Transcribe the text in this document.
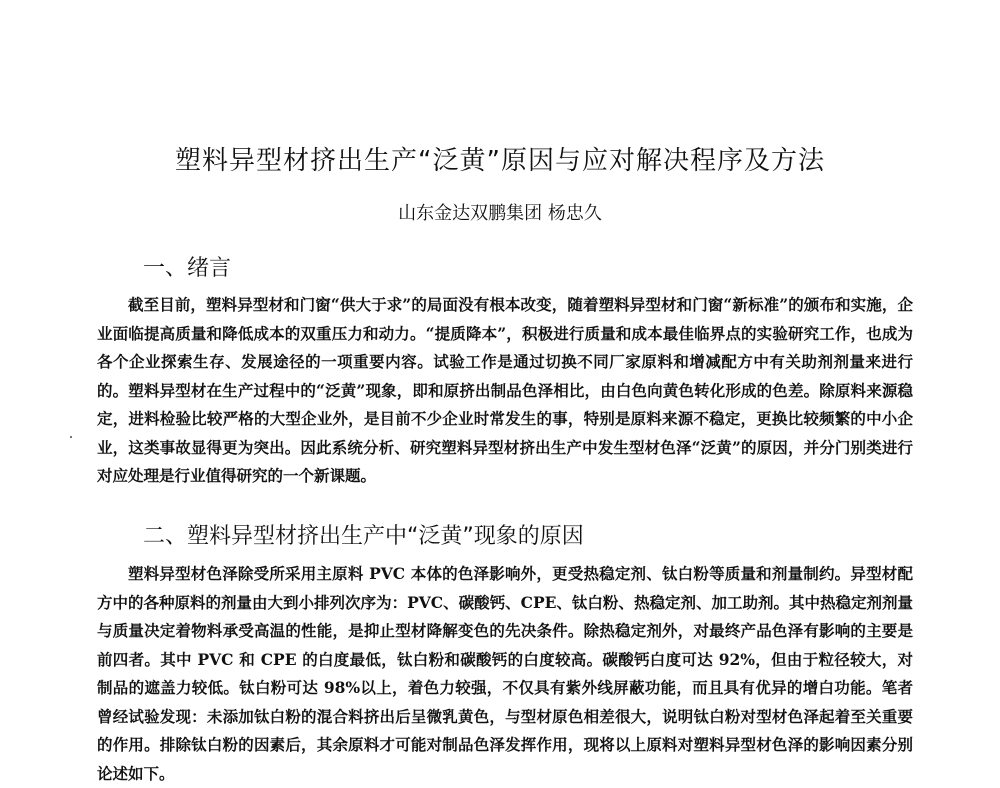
塑料异型材挤出生产“泛黄”原因与应对解决程序及方法
山东金达双鹏集团 杨忠久
一、绪言

截至目前，塑料异型材和门窗“供大于求”的局面没有根本改变，随着塑料异型材和门窗“新标准”的颁布和实施，企业面临提高质量和降低成本的双重压力和动力。“提质降本”，积极进行质量和成本最佳临界点的实验研究工作，也成为各个企业探索生存、发展途径的一项重要内容。试验工作是通过切换不同厂家原料和增减配方中有关助剂剂量来进行的。塑料异型材在生产过程中的“泛黄”现象，即和原挤出制品色泽相比，由白色向黄色转化形成的色差。除原料来源稳定，进料检验比较严格的大型企业外，是目前不少企业时常发生的事，特别是原料来源不稳定，更换比较频繁的中小企业，这类事故显得更为突出。因此系统分析、研究塑料异型材挤出生产中发生型材色泽“泛黄”的原因，并分门别类进行对应处理是行业值得研究的一个新课题。

二、塑料异型材挤出生产中“泛黄”现象的原因

塑料异型材色泽除受所采用主原料 PVC 本体的色泽影响外，更受热稳定剂、钛白粉等质量和剂量制约。异型材配方中的各种原料的剂量由大到小排列次序为：PVC、碳酸钙、CPE、钛白粉、热稳定剂、加工助剂。其中热稳定剂剂量与质量决定着物料承受高温的性能，是抑止型材降解变色的先决条件。除热稳定剂外，对最终产品色泽有影响的主要是前四者。其中 PVC 和 CPE 的白度最低，钛白粉和碳酸钙的白度较高。碳酸钙白度可达 92%，但由于粒径较大，对制品的遮盖力较低。钛白粉可达 98%以上，着色力较强，不仅具有紫外线屏蔽功能，而且具有优异的增白功能。笔者曾经试验发现：未添加钛白粉的混合料挤出后呈微乳黄色，与型材原色相差很大，说明钛白粉对型材色泽起着至关重要的作用。排除钛白粉的因素后，其余原料才可能对制品色泽发挥作用，现将以上原料对塑料异型材色泽的影响因素分别论述如下。
